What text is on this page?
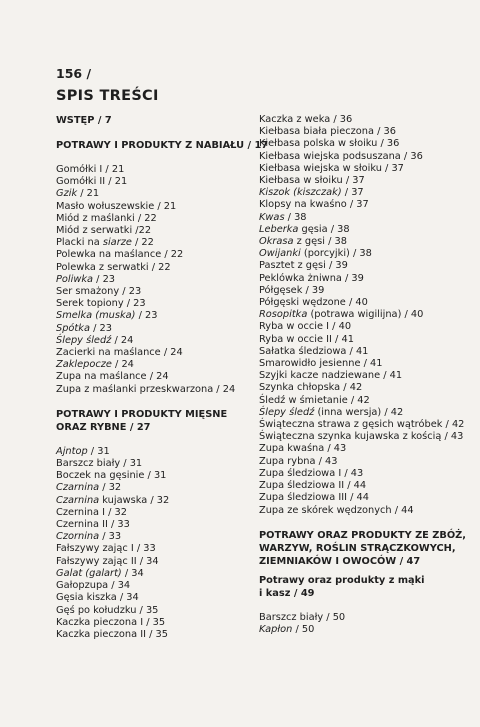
156 /
SPIS TREŚCI
WSTĘP / 7
POTRAWY I PRODUKTY Z NABIAŁU / 17
Gomółki I / 21
Gomółki II / 21
Gzik / 21
Masło wołuszewskie / 21
Miód z maślanki / 22
Miód z serwatki /22
Placki na siarze / 22
Polewka na maślance / 22
Polewka z serwatki / 22
Poliwka / 23
Ser smażony / 23
Serek topiony / 23
Smelka (muska) / 23
Spótka / 23
Ślepy śledź / 24
Zacierki na maślance / 24
Zaklepocze / 24
Zupa na maślance / 24
Zupa z maślanki przeskwarzona / 24
POTRAWY I PRODUKTY MIĘSNE
ORAZ RYBNE / 27
Ajntop / 31
Barszcz biały / 31
Boczek na gęsinie / 31
Czarnina / 32
Czarnina kujawska / 32
Czernina I / 32
Czernina II / 33
Czornina / 33
Fałszywy zając I / 33
Fałszywy zając II / 34
Galat (galart) / 34
Gałopzupa / 34
Gęsia kiszka / 34
Gęś po kołudzku / 35
Kaczka pieczona I / 35
Kaczka pieczona II / 35
Kaczka z weka / 36
Kiełbasa biała pieczona / 36
Kiełbasa polska w słoiku / 36
Kiełbasa wiejska podsuszana / 36
Kiełbasa wiejska w słoiku / 37
Kiełbasa w słoiku / 37
Kiszok (kiszczak) / 37
Klopsy na kwaśno / 37
Kwas / 38
Leberka gęsia / 38
Okrasa z gęsi / 38
Owijanki (porcyjki) / 38
Pasztet z gęsi / 39
Peklówka żniwna / 39
Półgęsek / 39
Półgęski wędzone / 40
Rosopitka (potrawa wigilijna) / 40
Ryba w occie I / 40
Ryba w occie II / 41
Sałatka śledziowa / 41
Smarowidło jesienne / 41
Szyjki kacze nadziewane / 41
Szynka chłopska / 42
Śledź w śmietanie / 42
Ślepy śledź (inna wersja) / 42
Świąteczna strawa z gęsich wątróbek / 42
Świąteczna szynka kujawska z kością / 43
Zupa kwaśna / 43
Zupa rybna / 43
Zupa śledziowa I / 43
Zupa śledziowa II / 44
Zupa śledziowa III / 44
Zupa ze skórek wędzonych / 44
POTRAWY ORAZ PRODUKTY ZE ZBÓŻ,
WARZYW, ROŚLIN STRĄCZKOWYCH,
ZIEMNIAKÓW I OWOCÓW / 47
Potrawy oraz produkty z mąki
i kasz / 49
Barszcz biały / 50
Kapłon / 50
